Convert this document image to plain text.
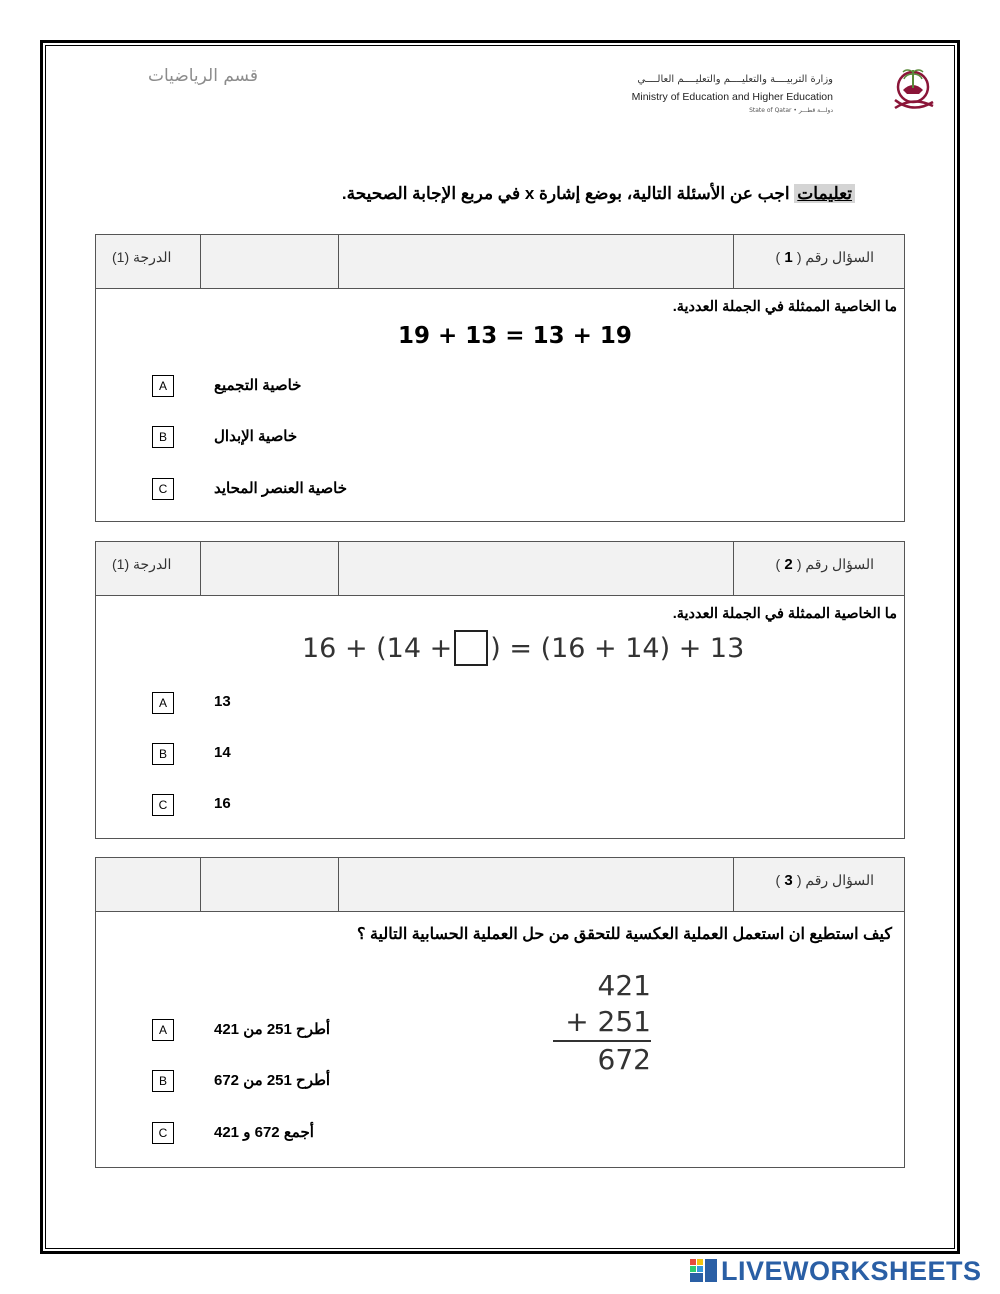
قسم الرياضيات	وزارة التربيــــة والتعليــــم والتعليــــم العالــــي
Ministry of Education and Higher Education
State of Qatar • دولـــة قطـــر
تعليمات اجب عن الأسئلة التالية، بوضع إشارة x في مربع الإجابة الصحيحة.
الدرجة (1)	السؤال رقم ( 1 )
ما الخاصية الممثلة في الجملة العددية.
19 + 13 = 13 + 19
A	خاصية التجميع
B	خاصية الإبدال
C	خاصية العنصر المحايد
الدرجة (1)	السؤال رقم ( 2 )
ما الخاصية الممثلة في الجملة العددية.
16 + (14 + ) = (16 + 14) + 13
A	13
B	14
C	16
السؤال رقم ( 3 )
كيف استطيع ان استعمل العملية العكسية للتحقق من حل العملية الحسابية التالية ؟
421
+ 251
672
A	أطرح 251 من 421
B	أطرح 251 من 672
C	أجمع 672 و 421
LIVEWORKSHEETS
